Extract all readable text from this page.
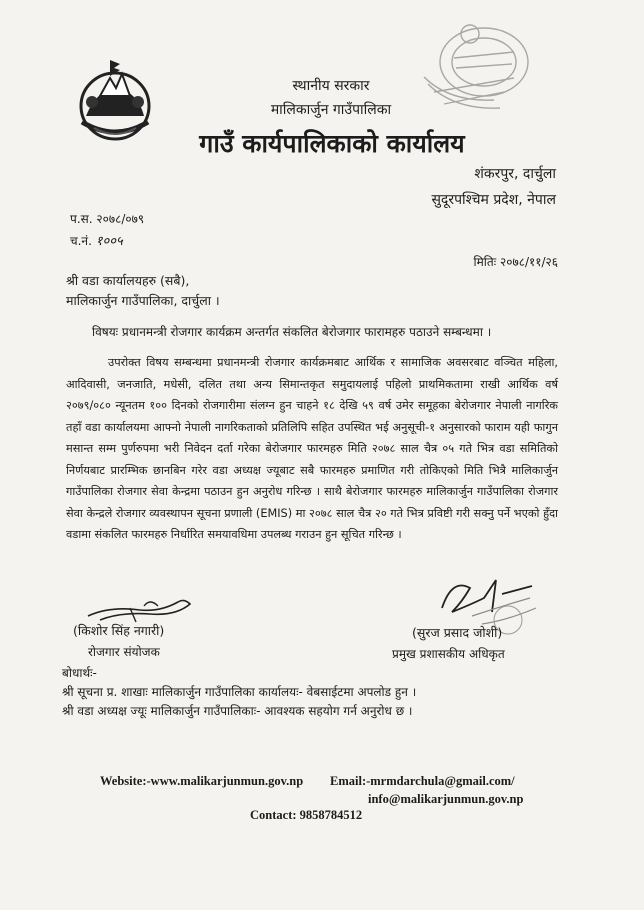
स्थानीय सरकार
मालिकार्जुन गाउँपालिका
गाउँ कार्यपालिकाको कार्यालय
शंकरपुर, दार्चुला
सुदूरपश्चिम प्रदेश, नेपाल
प.स. २०७८/०७९
च.नं. १००५
मितिः २०७८/११/२६
श्री वडा कार्यालयहरु (सबै),
मालिकार्जुन गाउँपालिका, दार्चुला ।
विषयः प्रधानमन्त्री रोजगार कार्यक्रम अन्तर्गत संकलित बेरोजगार फारामहरु पठाउने सम्बन्धमा ।
उपरोक्त विषय सम्बन्धमा प्रधानमन्त्री रोजगार कार्यक्रमबाट आर्थिक र सामाजिक अवसरबाट वञ्चित महिला, आदिवासी, जनजाति, मधेसी, दलित तथा अन्य सिमान्तकृत समुदायलाई पहिलो प्राथमिकतामा राखी आर्थिक वर्ष २०७९/०८० न्यूनतम १०० दिनको रोजगारीमा संलग्न हुन चाहने १८ देखि ५९ वर्ष उमेर समूहका बेरोजगार नेपाली नागरिक तहाँ वडा कार्यालयमा आफ्नो नेपाली नागरिकताको प्रतिलिपि सहित उपस्थित भई अनुसूची-१ अनुसारको फाराम यही फागुन मसान्त सम्म पुर्णरुपमा भरी निवेदन दर्ता गरेका बेरोजगार फारमहरु मिति २०७८ साल चैत्र ०५ गते भित्र वडा समितिको निर्णयबाट प्रारम्भिक छानबिन गरेर वडा अध्यक्ष ज्यूबाट सबै फारमहरु प्रमाणित गरी तोकिएको मिति भित्रै मालिकार्जुन गाउँपालिका रोजगार सेवा केन्द्रमा पठाउन हुन अनुरोध गरिन्छ । साथै बेरोजगार फारमहरु मालिकार्जुन गाउँपालिका रोजगार सेवा केन्द्रले रोजगार व्यवस्थापन सूचना प्रणाली (EMIS) मा २०७८ साल चैत्र २० गते भित्र प्रविष्टी गरी सक्नु पर्ने भएको हुँदा वडामा संकलित फारमहरु निर्धारित समयावधिमा उपलब्ध गराउन हुन सूचित गरिन्छ ।
(किशोर सिंह नगारी)
रोजगार संयोजक
(सुरज प्रसाद जोशी)
प्रमुख प्रशासकीय अधिकृत
बोधार्थः-
श्री सूचना प्र. शाखाः मालिकार्जुन गाउँपालिका कार्यालयः- वेबसाईटमा अपलोड हुन ।
श्री वडा अध्यक्ष ज्यूः मालिकार्जुन गाउँपालिकाः- आवश्यक सहयोग गर्न अनुरोध छ ।
Website:-www.malikarjunmun.gov.np Email:-mrmdarchula@gmail.com/
info@malikarjunmun.gov.np
Contact: 9858784512
